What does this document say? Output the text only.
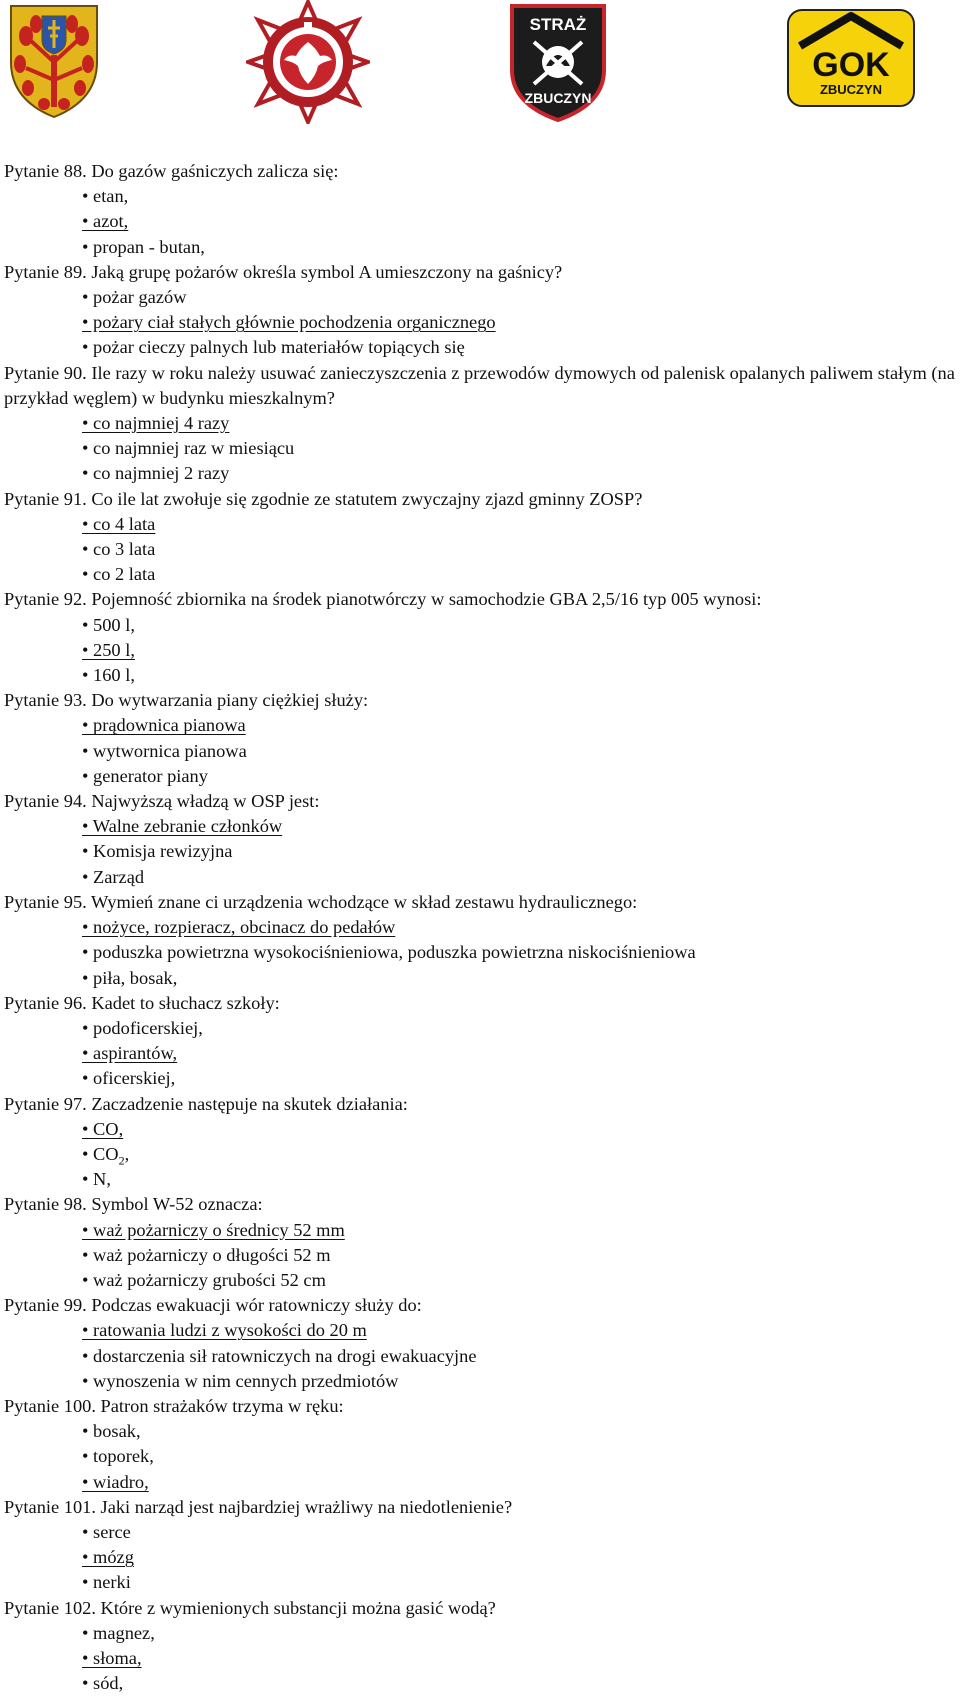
STRAŻ
ZBUCZYN
GOK
ZBUCZYN
Pytanie 88. Do gazów gaśniczych zalicza się:
• etan,
• azot,
• propan - butan,
Pytanie 89. Jaką grupę pożarów określa symbol A umieszczony na gaśnicy?
• pożar gazów
• pożary ciał stałych głównie pochodzenia organicznego
• pożar cieczy palnych lub materiałów topiących się
Pytanie 90. Ile razy w roku należy usuwać zanieczyszczenia z przewodów dymowych od palenisk opalanych paliwem stałym (na przykład węglem) w budynku mieszkalnym?
• co najmniej 4 razy
• co najmniej raz w miesiącu
• co najmniej 2 razy
Pytanie 91. Co ile lat zwołuje się zgodnie ze statutem zwyczajny zjazd gminny ZOSP?
• co 4 lata
• co 3 lata
• co 2 lata
Pytanie 92. Pojemność zbiornika na środek pianotwórczy w samochodzie GBA 2,5/16 typ 005 wynosi:
• 500 l,
• 250 l,
• 160 l,
Pytanie 93. Do wytwarzania piany ciężkiej służy:
• prądownica pianowa
• wytwornica pianowa
• generator piany
Pytanie 94. Najwyższą władzą w OSP jest:
• Walne zebranie członków
• Komisja rewizyjna
• Zarząd
Pytanie 95. Wymień znane ci urządzenia wchodzące w skład zestawu hydraulicznego:
• nożyce, rozpieracz, obcinacz do pedałów
• poduszka powietrzna wysokociśnieniowa, poduszka powietrzna niskociśnieniowa
• piła, bosak,
Pytanie 96. Kadet to słuchacz szkoły:
• podoficerskiej,
• aspirantów,
• oficerskiej,
Pytanie 97. Zaczadzenie następuje na skutek działania:
• CO,
• $CO_2$,
• N,
Pytanie 98. Symbol W-52 oznacza:
• waż pożarniczy o średnicy 52 mm
• waż pożarniczy o długości 52 m
• waż pożarniczy grubości 52 cm
Pytanie 99. Podczas ewakuacji wór ratowniczy służy do:
• ratowania ludzi z wysokości do 20 m
• dostarczenia sił ratowniczych na drogi ewakuacyjne
• wynoszenia w nim cennych przedmiotów
Pytanie 100. Patron strażaków trzyma w ręku:
• bosak,
• toporek,
• wiadro,
Pytanie 101. Jaki narząd jest najbardziej wrażliwy na niedotlenienie?
• serce
• mózg
• nerki
Pytanie 102. Które z wymienionych substancji można gasić wodą?
• magnez,
• słoma,
• sód,
